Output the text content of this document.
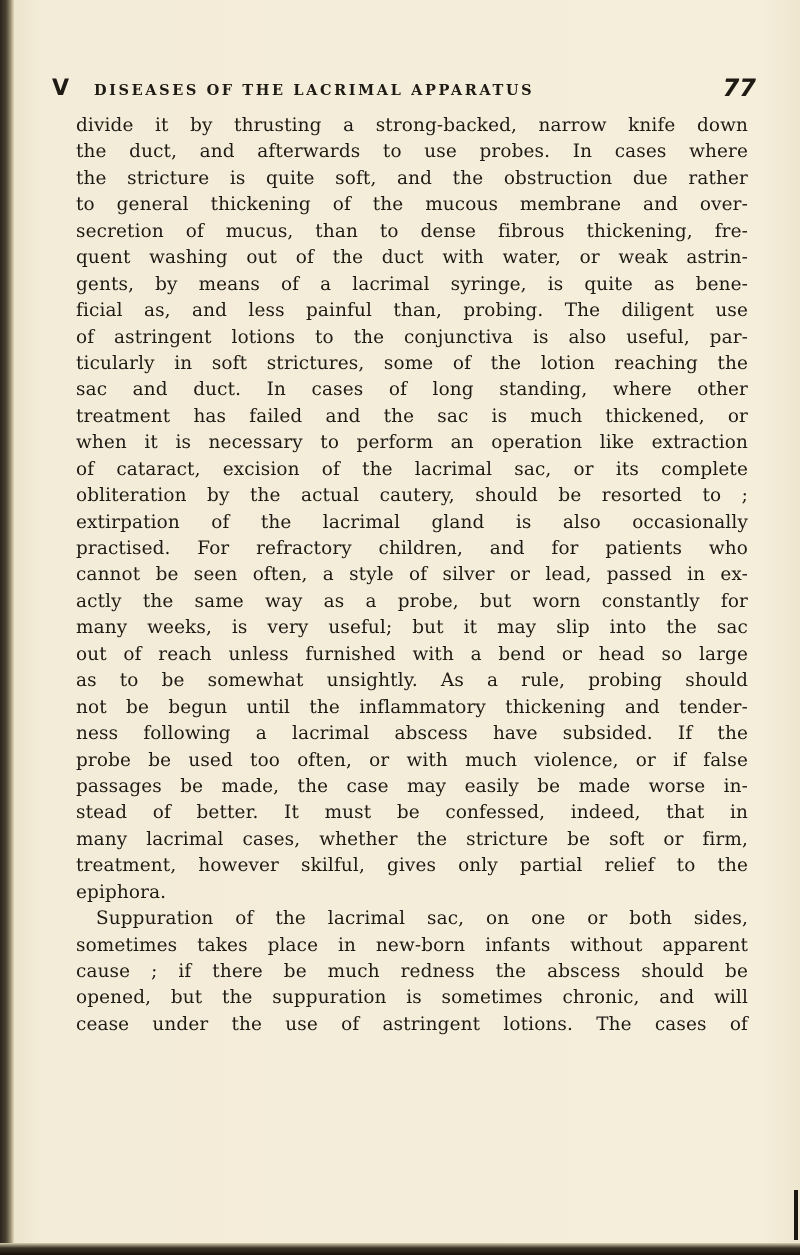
V DISEASES OF THE LACRIMAL APPARATUS	77
divide it by thrusting a strong-backed, narrow knife down
the duct, and afterwards to use probes. In cases where
the stricture is quite soft, and the obstruction due rather
to general thickening of the mucous membrane and over-
secretion of mucus, than to dense fibrous thickening, fre-
quent washing out of the duct with water, or weak astrin-
gents, by means of a lacrimal syringe, is quite as bene-
ficial as, and less painful than, probing. The diligent use
of astringent lotions to the conjunctiva is also useful, par-
ticularly in soft strictures, some of the lotion reaching the
sac and duct. In cases of long standing, where other
treatment has failed and the sac is much thickened, or
when it is necessary to perform an operation like extraction
of cataract, excision of the lacrimal sac, or its complete
obliteration by the actual cautery, should be resorted to ;
extirpation of the lacrimal gland is also occasionally
practised. For refractory children, and for patients who
cannot be seen often, a style of silver or lead, passed in ex-
actly the same way as a probe, but worn constantly for
many weeks, is very useful; but it may slip into the sac
out of reach unless furnished with a bend or head so large
as to be somewhat unsightly. As a rule, probing should
not be begun until the inflammatory thickening and tender-
ness following a lacrimal abscess have subsided. If the
probe be used too often, or with much violence, or if false
passages be made, the case may easily be made worse in-
stead of better. It must be confessed, indeed, that in
many lacrimal cases, whether the stricture be soft or firm,
treatment, however skilful, gives only partial relief to the
epiphora.
Suppuration of the lacrimal sac, on one or both sides,
sometimes takes place in new-born infants without apparent
cause ; if there be much redness the abscess should be
opened, but the suppuration is sometimes chronic, and will
cease under the use of astringent lotions. The cases of
